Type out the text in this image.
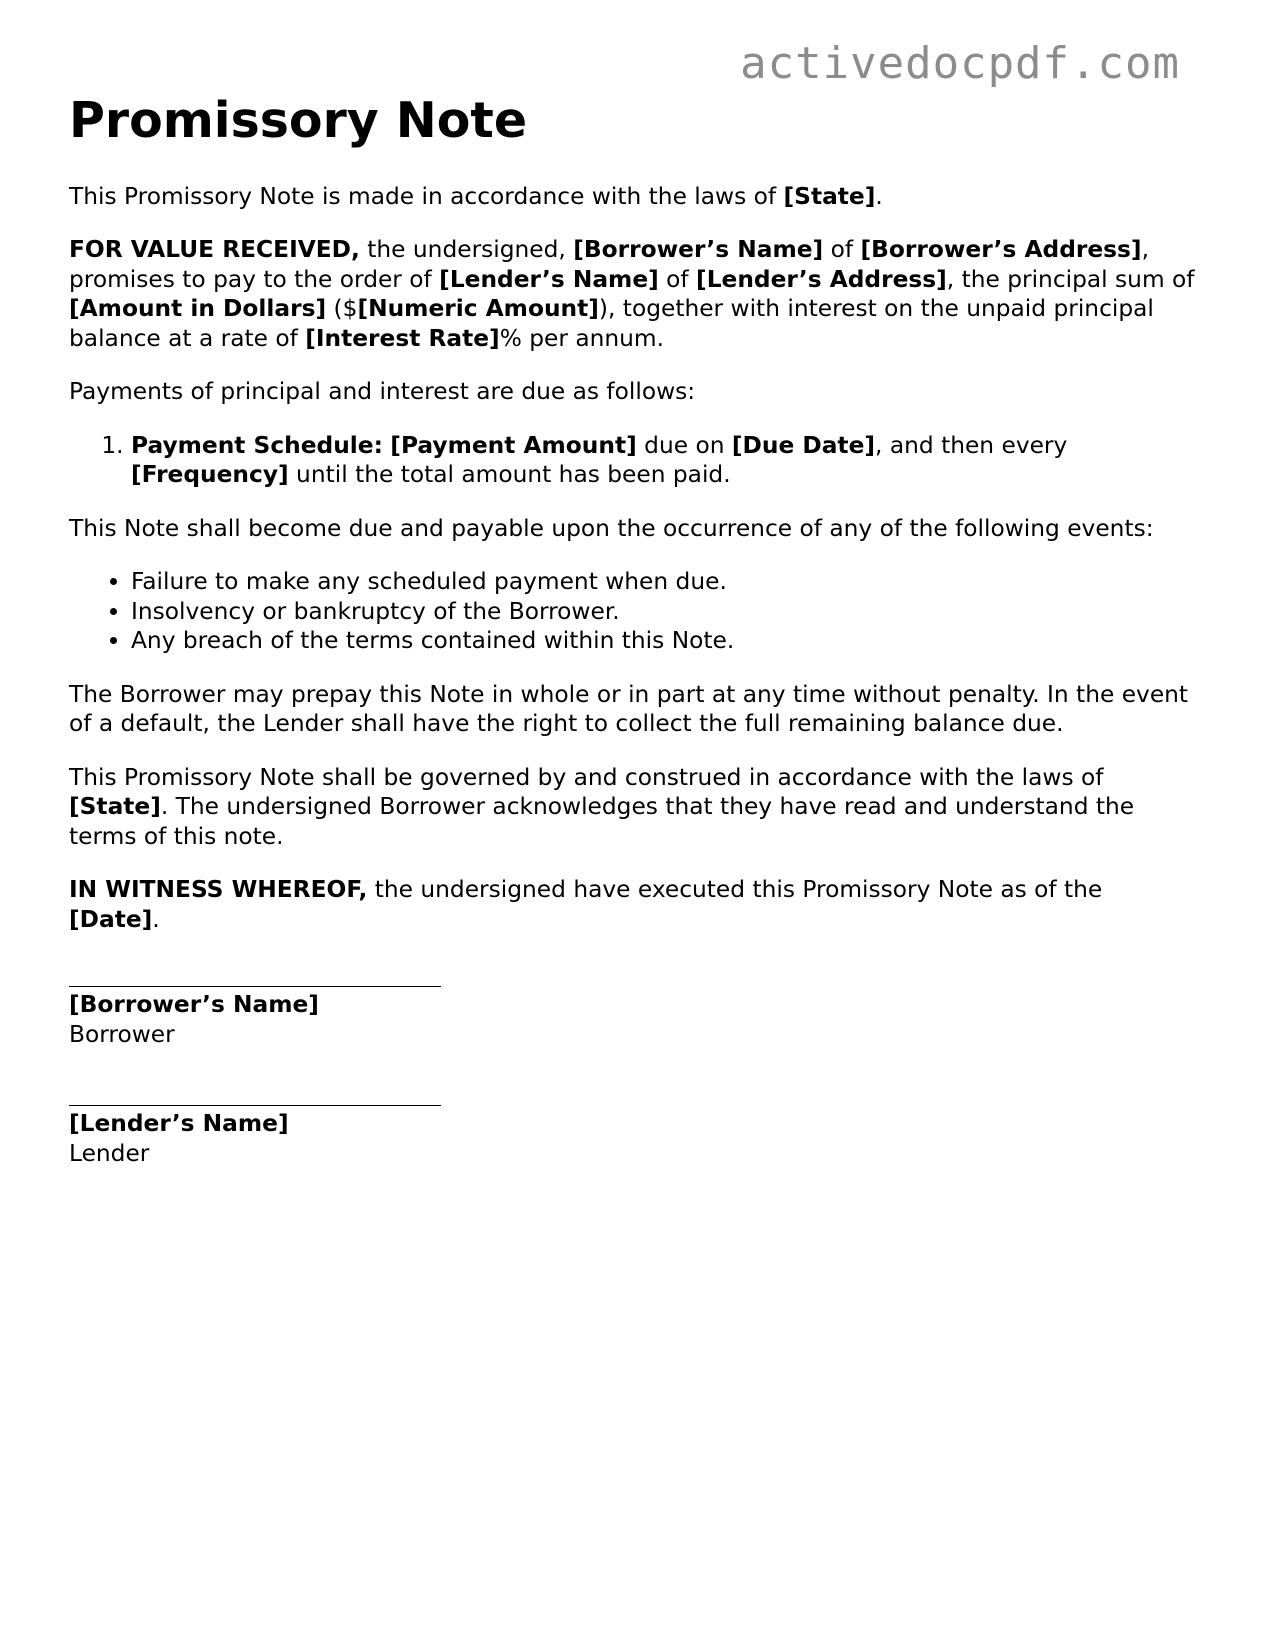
activedocpdf.com
Promissory Note

This Promissory Note is made in accordance with the laws of [State].

FOR VALUE RECEIVED, the undersigned, [Borrower’s Name] of [Borrower’s Address], promises to pay to the order of [Lender’s Name] of [Lender’s Address], the principal sum of [Amount in Dollars] ($[Numeric Amount]), together with interest on the unpaid principal balance at a rate of [Interest Rate]% per annum.

Payments of principal and interest are due as follows:

1. Payment Schedule: [Payment Amount] due on [Due Date], and then every [Frequency] until the total amount has been paid.

This Note shall become due and payable upon the occurrence of any of the following events:

• Failure to make any scheduled payment when due.
• Insolvency or bankruptcy of the Borrower.
• Any breach of the terms contained within this Note.

The Borrower may prepay this Note in whole or in part at any time without penalty. In the event of a default, the Lender shall have the right to collect the full remaining balance due.

This Promissory Note shall be governed by and construed in accordance with the laws of [State]. The undersigned Borrower acknowledges that they have read and understand the terms of this note.

IN WITNESS WHEREOF, the undersigned have executed this Promissory Note as of the [Date].

[Borrower’s Name]
Borrower
[Lender’s Name]
Lender
